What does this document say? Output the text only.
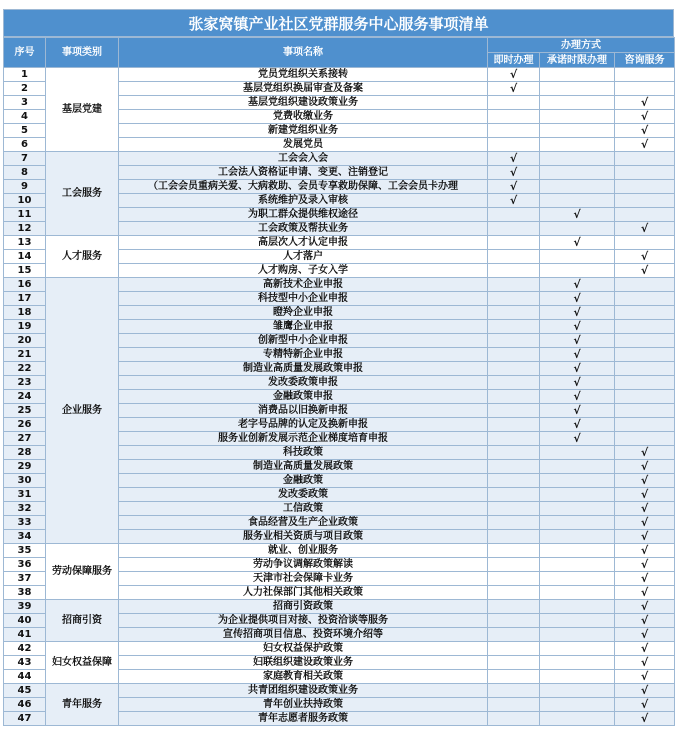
张家窝镇产业社区党群服务中心服务事项清单
序号	事项类别	事项名称	办理方式		
			即时办理	承诺时限办理	咨询服务
1	基层党建	党员党组织关系接转	√		
2		基层党组织换届审查及备案	√		
3		基层党组织建设政策业务			√
4		党费收缴业务			√
5		新建党组织业务			√
6		发展党员			√
7	工会服务	工会会入会	√		
8		工会法人资格证申请、变更、注销登记	√		
9		（工会会员重病关爱、大病救助、会员专享救助保障、工会会员卡办理	√		
10		系统维护及录入审核	√		
11		为职工群众提供维权途径		√	
12		工会政策及帮扶业务			√
13	人才服务	高层次人才认定申报		√	
14		人才落户			√
15		人才购房、子女入学			√
16	企业服务	高新技术企业申报		√	
17		科技型中小企业申报		√	
18		瞪羚企业申报		√	
19		雏鹰企业申报		√	
20		创新型中小企业申报		√	
21		专精特新企业申报		√	
22		制造业高质量发展政策申报		√	
23		发改委政策申报		√	
24		金融政策申报		√	
25		消费品以旧换新申报		√	
26		老字号品牌的认定及换新申报		√	
27		服务业创新发展示范企业梯度培育申报		√	
28		科技政策			√
29		制造业高质量发展政策			√
30		金融政策			√
31		发改委政策			√
32		工信政策			√
33		食品经营及生产企业政策			√
34		服务业相关资质与项目政策			√
35	劳动保障服务	就业、创业服务			√
36		劳动争议调解政策解读			√
37		天津市社会保障卡业务			√
38		人力社保部门其他相关政策			√
39	招商引资	招商引资政策			√
40		为企业提供项目对接、投资洽谈等服务			√
41		宣传招商项目信息、投资环境介绍等			√
42	妇女权益保障	妇女权益保护政策			√
43		妇联组织建设政策业务			√
44		家庭教育相关政策			√
45	青年服务	共青团组织建设政策业务			√
46		青年创业扶持政策			√
47		青年志愿者服务政策			√
